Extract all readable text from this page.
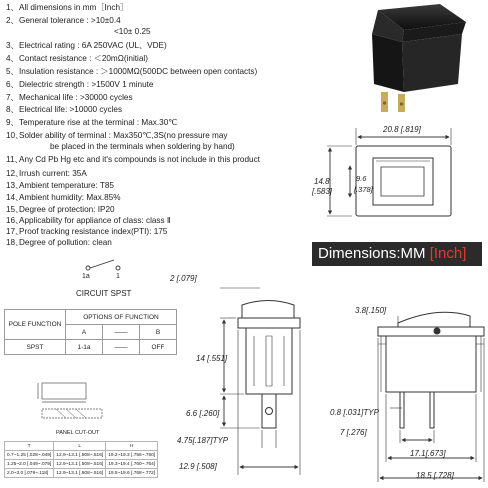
1、All dimensions in mm［Inch］
2、General tolerance : >10±0.4
<10± 0.25
3、Electrical rating : 6A 250VAC (UL、VDE)
4、Contact resistance : ＜20mΩ(initial)
5、Insulation resistance : ＞1000MΩ(500DC between open contacts)
6、Dielectric strength : >1500V 1 minute
7、Mechanical life : >30000 cycles
8、Electrical life: >10000 cycles
9、Temperature rise at the terminal : Max.30℃
10、Solder ability of terminal : Max350℃,3S(no pressure may
be placed in the terminals when soldering by hand)
11、Any Cd Pb Hg etc and it's compounds is not include in this product
12、Irrush current: 35A
13、Ambient temperature: T85
14、Ambient humidity: Max.85%
15、Degree of protection: IP20
16、Applicability for appliance of class: class Ⅱ
17、Proof tracking resistance index(PTI): 175
18、Degree of pollution: clean
20.8 [.819]
14.8
[.583]
9.6
[.378]
2 [.079]
14 [.551]
6.6 [.260]
4.75[.187]TYP
12.9 [.508]
3.8[.150]
0.8 [.031]TYP
7 [.276]
17.1[.673]
18.5 [.728]
Dimensions:MM [Inch]
1a	1
CIRCUIT SPST
POLE FUNCTION	OPTIONS OF FUNCTION		
	A	——	B
SPST	1-1a	——	OFF
PANEL CUT-OUT
T	L	H
0.7~1.25 [.028~.049]	12.9~13.1 [.508~.516]	19.2~19.3 [.756~.760]
1.25~2.0 [.049~.079]	12.9~13.1 [.508~.516]	19.3~19.4 [.760~.764]
2.0~3.0 [.079~.118]	12.9~13.1 [.508~.516]	19.5~19.6 [.768~.772]
